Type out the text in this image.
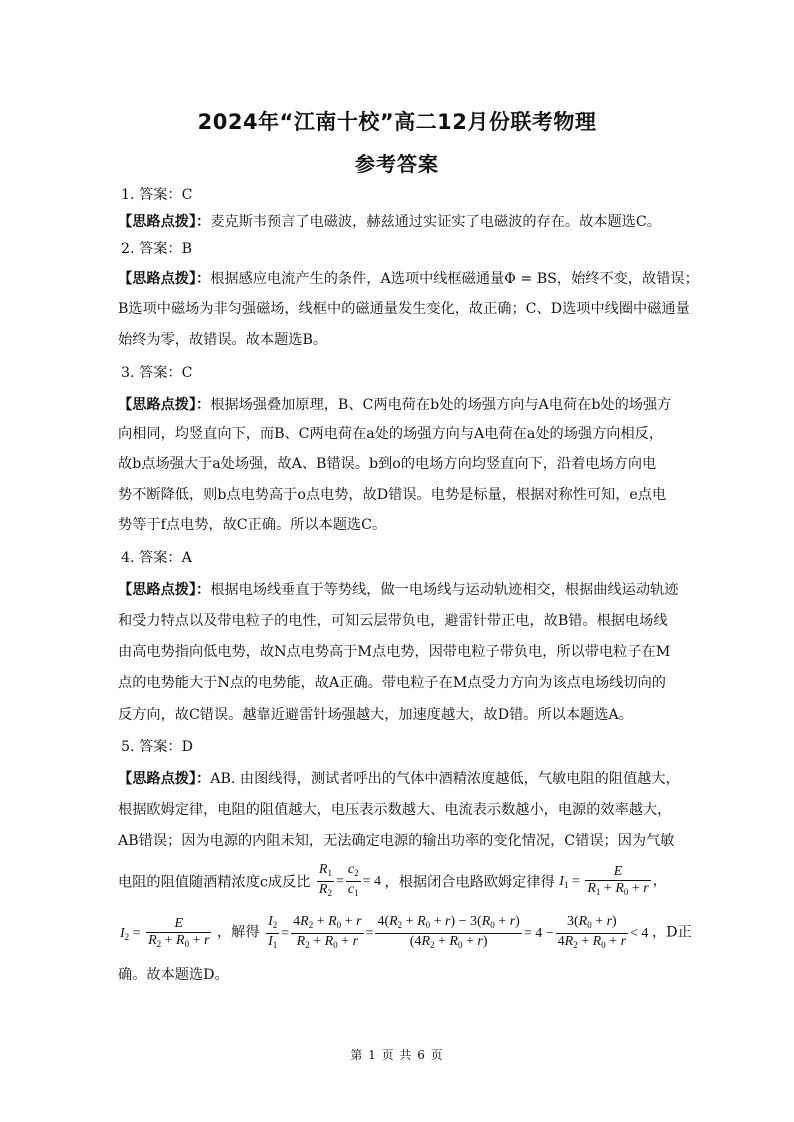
2024年“江南十校”高二12月份联考物理
参考答案
1. 答案：C
【思路点拨】：麦克斯韦预言了电磁波，赫兹通过实证实了电磁波的存在。故本题选C。
2. 答案：B
【思路点拨】：根据感应电流产生的条件，A选项中线框磁通量Φ = BS，始终不变，故错误；
B选项中磁场为非匀强磁场，线框中的磁通量发生变化，故正确；C、D选项中线圈中磁通量
始终为零，故错误。故本题选B。
3. 答案：C
【思路点拨】：根据场强叠加原理，B、C两电荷在b处的场强方向与A电荷在b处的场强方
向相同，均竖直向下，而B、C两电荷在a处的场强方向与A电荷在a处的场强方向相反，
故b点场强大于a处场强，故A、B错误。b到o的电场方向均竖直向下，沿着电场方向电
势不断降低，则b点电势高于o点电势，故D错误。电势是标量，根据对称性可知，e点电
势等于f点电势，故C正确。所以本题选C。
4. 答案：A
【思路点拨】：根据电场线垂直于等势线，做一电场线与运动轨迹相交，根据曲线运动轨迹
和受力特点以及带电粒子的电性，可知云层带负电，避雷针带正电，故B错。根据电场线
由高电势指向低电势，故N点电势高于M点电势，因带电粒子带负电，所以带电粒子在M
点的电势能大于N点的电势能，故A正确。带电粒子在M点受力方向为该点电场线切向的
反方向，故C错误。越靠近避雷针场强越大，加速度越大，故D错。所以本题选A。
5. 答案：D
【思路点拨】：AB. 由图线得，测试者呼出的气体中酒精浓度越低，气敏电阻的阻值越大，
根据欧姆定律，电阻的阻值越大，电压表示数越大、电流表示数越小，电源的效率越大，
AB错误；因为电源的内阻未知，无法确定电源的输出功率的变化情况，C错误；因为气敏
电阻的阻值随酒精浓度c成反比 $\frac{R_1}{R_2} = \frac{c_2}{c_1} = 4$ ，根据闭合电路欧姆定律得 $I_1 = \frac{E}{R_1 + R_0 + r}$ ，
$I_2 = \frac{E}{R_2 + R_0 + r}$ ，解得 $\frac{I_2}{I_1} = \frac{4R_2 + R_0 + r}{R_2 + R_0 + r} = \frac{4(R_2 + R_0 + r) - 3(R_0 + r)}{(4R_2 + R_0 + r)} = 4 - \frac{3(R_0 + r)}{4R_2 + R_0 + r} < 4$ ，D正
确。故本题选D。
第 1 页 共 6 页
